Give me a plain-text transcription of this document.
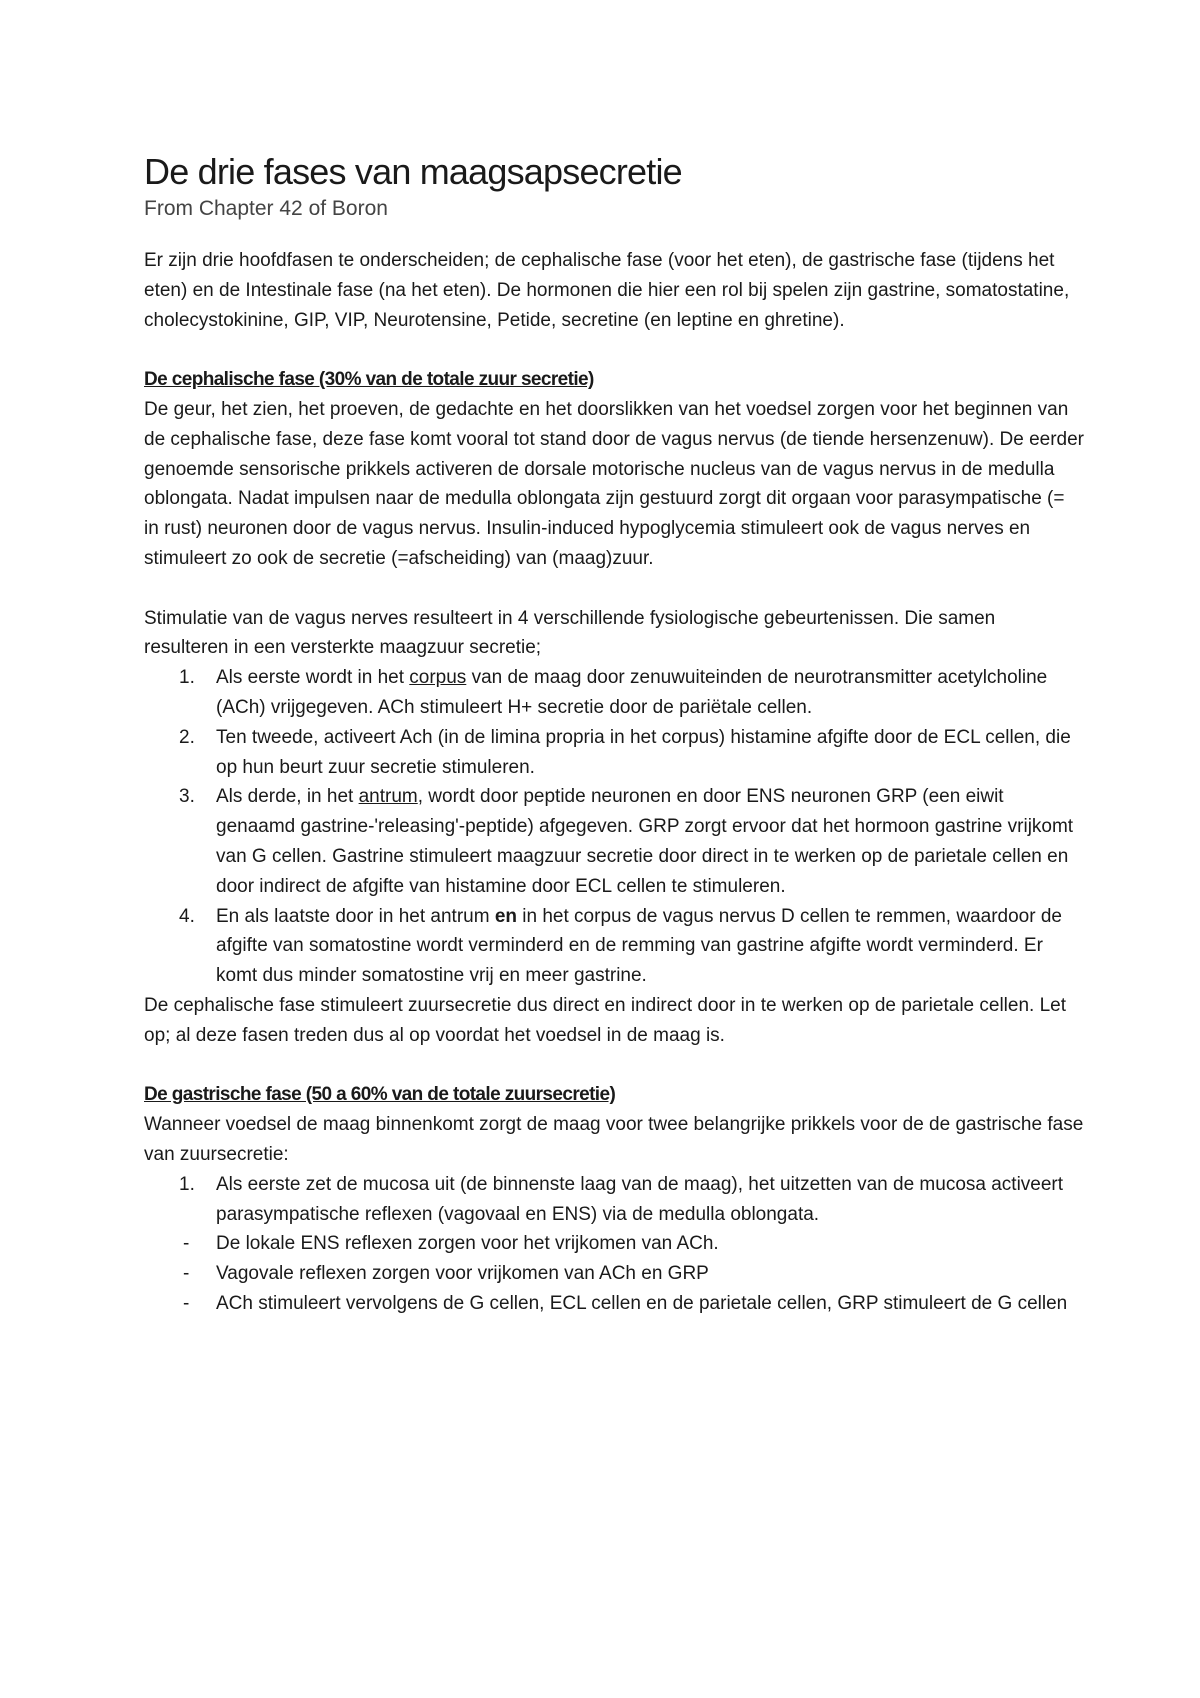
De drie fases van maagsapsecretie
From Chapter 42 of Boron

Er zijn drie hoofdfasen te onderscheiden; de cephalische fase (voor het eten), de gastrische fase (tijdens het eten) en de Intestinale fase (na het eten). De hormonen die hier een rol bij spelen zijn gastrine, somatostatine, cholecystokinine, GIP, VIP, Neurotensine, Petide, secretine (en leptine en ghretine).

De cephalische fase (30% van de totale zuur secretie)

De geur, het zien, het proeven, de gedachte en het doorslikken van het voedsel zorgen voor het beginnen van de cephalische fase, deze fase komt vooral tot stand door de vagus nervus (de tiende hersenzenuw). De eerder genoemde sensorische prikkels activeren de dorsale motorische nucleus van de vagus nervus in de medulla oblongata. Nadat impulsen naar de medulla oblongata zijn gestuurd zorgt dit orgaan voor parasympatische (= in rust) neuronen door de vagus nervus. Insulin-induced hypoglycemia stimuleert ook de vagus nerves en stimuleert zo ook de secretie (=afscheiding) van (maag)zuur.

Stimulatie van de vagus nerves resulteert in 4 verschillende fysiologische gebeurtenissen. Die samen resulteren in een versterkte maagzuur secretie;

1. Als eerste wordt in het corpus van de maag door zenuwuiteinden de neurotransmitter acetylcholine (ACh) vrijgegeven. ACh stimuleert H+ secretie door de pariëtale cellen.
2. Ten tweede, activeert Ach (in de limina propria in het corpus) histamine afgifte door de ECL cellen, die op hun beurt zuur secretie stimuleren.
3. Als derde, in het antrum, wordt door peptide neuronen en door ENS neuronen GRP (een eiwit genaamd gastrine-'releasing'-peptide) afgegeven. GRP zorgt ervoor dat het hormoon gastrine vrijkomt van G cellen. Gastrine stimuleert maagzuur secretie door direct in te werken op de parietale cellen en door indirect de afgifte van histamine door ECL cellen te stimuleren.
4. En als laatste door in het antrum en in het corpus de vagus nervus D cellen te remmen, waardoor de afgifte van somatostine wordt verminderd en de remming van gastrine afgifte wordt verminderd. Er komt dus minder somatostine vrij en meer gastrine.

De cephalische fase stimuleert zuursecretie dus direct en indirect door in te werken op de parietale cellen. Let op; al deze fasen treden dus al op voordat het voedsel in de maag is.

De gastrische fase (50 a 60% van de totale zuursecretie)

Wanneer voedsel de maag binnenkomt zorgt de maag voor twee belangrijke prikkels voor de de gastrische fase van zuursecretie:

1. Als eerste zet de mucosa uit (de binnenste laag van de maag), het uitzetten van de mucosa activeert parasympatische reflexen (vagovaal en ENS) via de medulla oblongata.
- De lokale ENS reflexen zorgen voor het vrijkomen van ACh.
- Vagovale reflexen zorgen voor vrijkomen van ACh en GRP
- ACh stimuleert vervolgens de G cellen, ECL cellen en de parietale cellen, GRP stimuleert de G cellen
